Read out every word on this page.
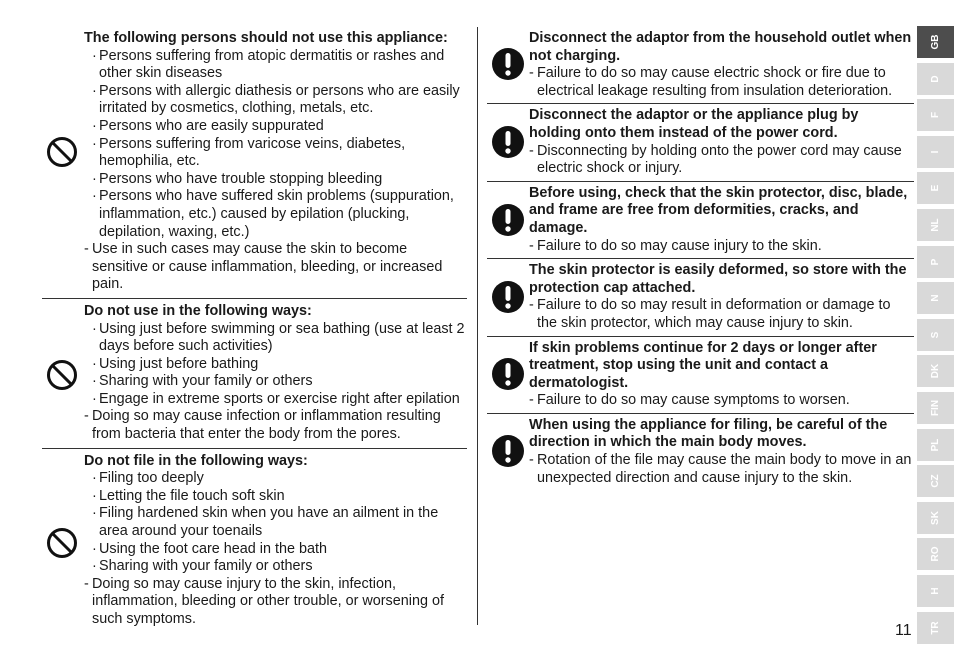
The following persons should not use this appliance:
· Persons suffering from atopic dermatitis or rashes and other skin diseases
· Persons with allergic diathesis or persons who are easily irritated by cosmetics, clothing, metals, etc.
· Persons who are easily suppurated
· Persons suffering from varicose veins, diabetes, hemophilia, etc.
· Persons who have trouble stopping bleeding
· Persons who have suffered skin problems (suppuration, inflammation, etc.) caused by epilation (plucking, depilation, waxing, etc.)
- Use in such cases may cause the skin to become sensitive or cause inflammation, bleeding, or increased pain.
Do not use in the following ways:
· Using just before swimming or sea bathing (use at least 2 days before such activities)
· Using just before bathing
· Sharing with your family or others
· Engage in extreme sports or exercise right after epilation
- Doing so may cause infection or inflammation resulting from bacteria that enter the body from the pores.
Do not file in the following ways:
· Filing too deeply
· Letting the file touch soft skin
· Filing hardened skin when you have an ailment in the area around your toenails
· Using the foot care head in the bath
· Sharing with your family or others
- Doing so may cause injury to the skin, infection, inflammation, bleeding or other trouble, or worsening of such symptoms.
Disconnect the adaptor from the household outlet when not charging.
- Failure to do so may cause electric shock or fire due to electrical leakage resulting from insulation deterioration.
Disconnect the adaptor or the appliance plug by holding onto them instead of the power cord.
- Disconnecting by holding onto the power cord may cause electric shock or injury.
Before using, check that the skin protector, disc, blade, and frame are free from deformities, cracks, and damage.
- Failure to do so may cause injury to the skin.
The skin protector is easily deformed, so store with the protection cap attached.
- Failure to do so may result in deformation or damage to the skin protector, which may cause injury to skin.
If skin problems continue for 2 days or longer after treatment, stop using the unit and contact a dermatologist.
- Failure to do so may cause symptoms to worsen.
When using the appliance for filing, be careful of the direction in which the main body moves.
- Rotation of the file may cause the main body to move in an unexpected direction and cause injury to the skin.
GB
D
F
I
E
NL
P
N
S
DK
FIN
PL
CZ
SK
RO
H
TR
11
